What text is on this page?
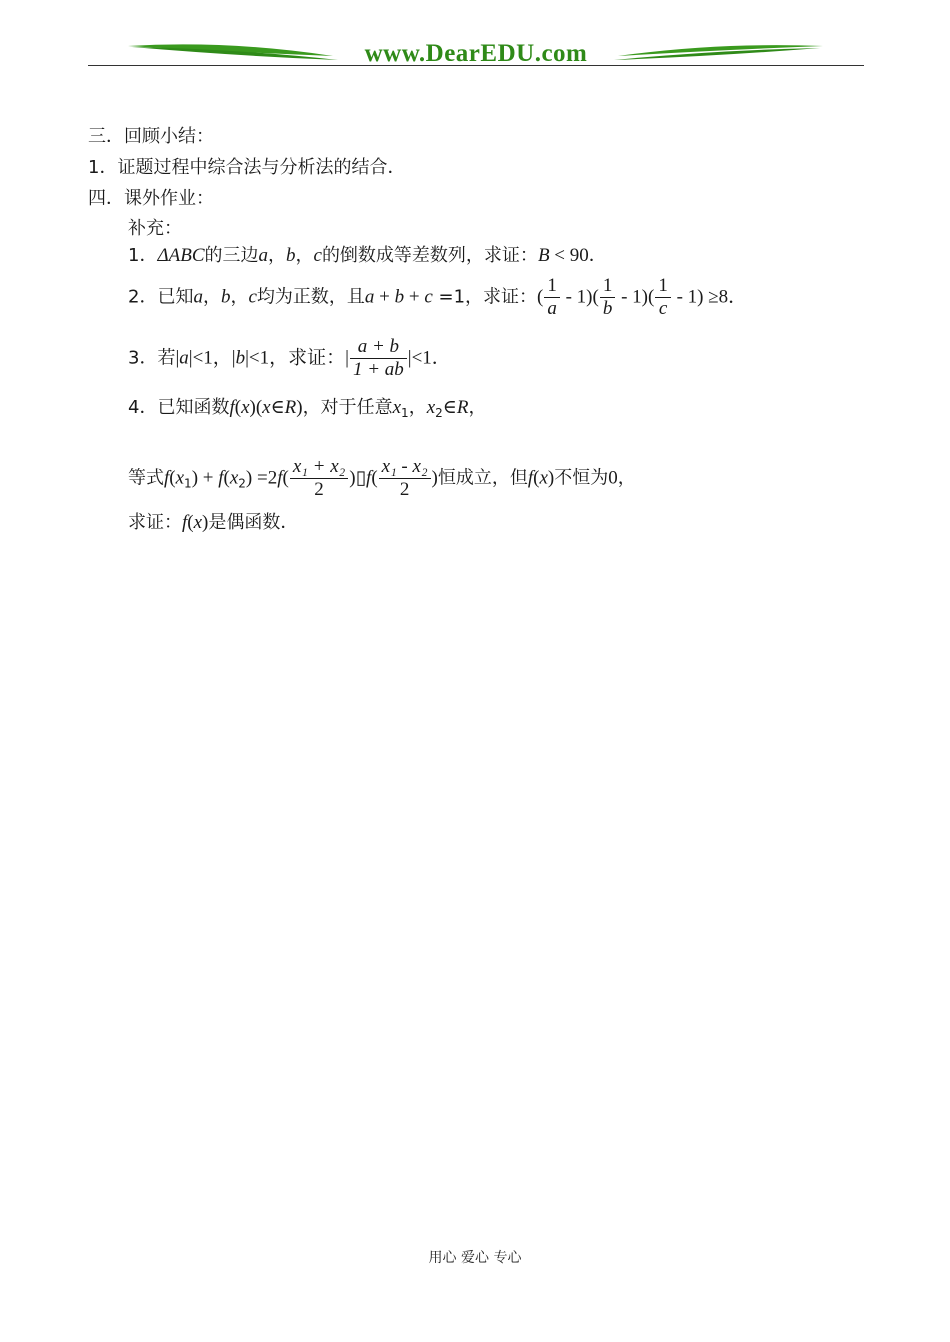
www.DearEDU.com
三．回顾小结：
1．证题过程中综合法与分析法的结合．
四．课外作业：
补充：
1．ΔABC的三边a，b，c的倒数成等差数列，求证：B < 90．
2．已知a，b，c均为正数，且a + b + c =1，求证：( $\frac{1}{a} - 1)( \frac{1}{b} - 1)( \frac{1}{c} - 1) \ge 8$．
3．若|a|<1，|b|<1，求证：| $\frac{a + b}{1 + ab} |<1$．
4．已知函数f(x)(x∈R)，对于任意$x_1$，$x_2\in R$，
等式$f(x_1) + f(x_2) =2f( \frac{\text{x₁ + x₂}}{2}$ )▯f( $\frac{\text{x₁ - x₂}}{2}$ )恒成立，但f(x)不恒为0，
求证：f(x)是偶函数．
用心 爱心 专心
